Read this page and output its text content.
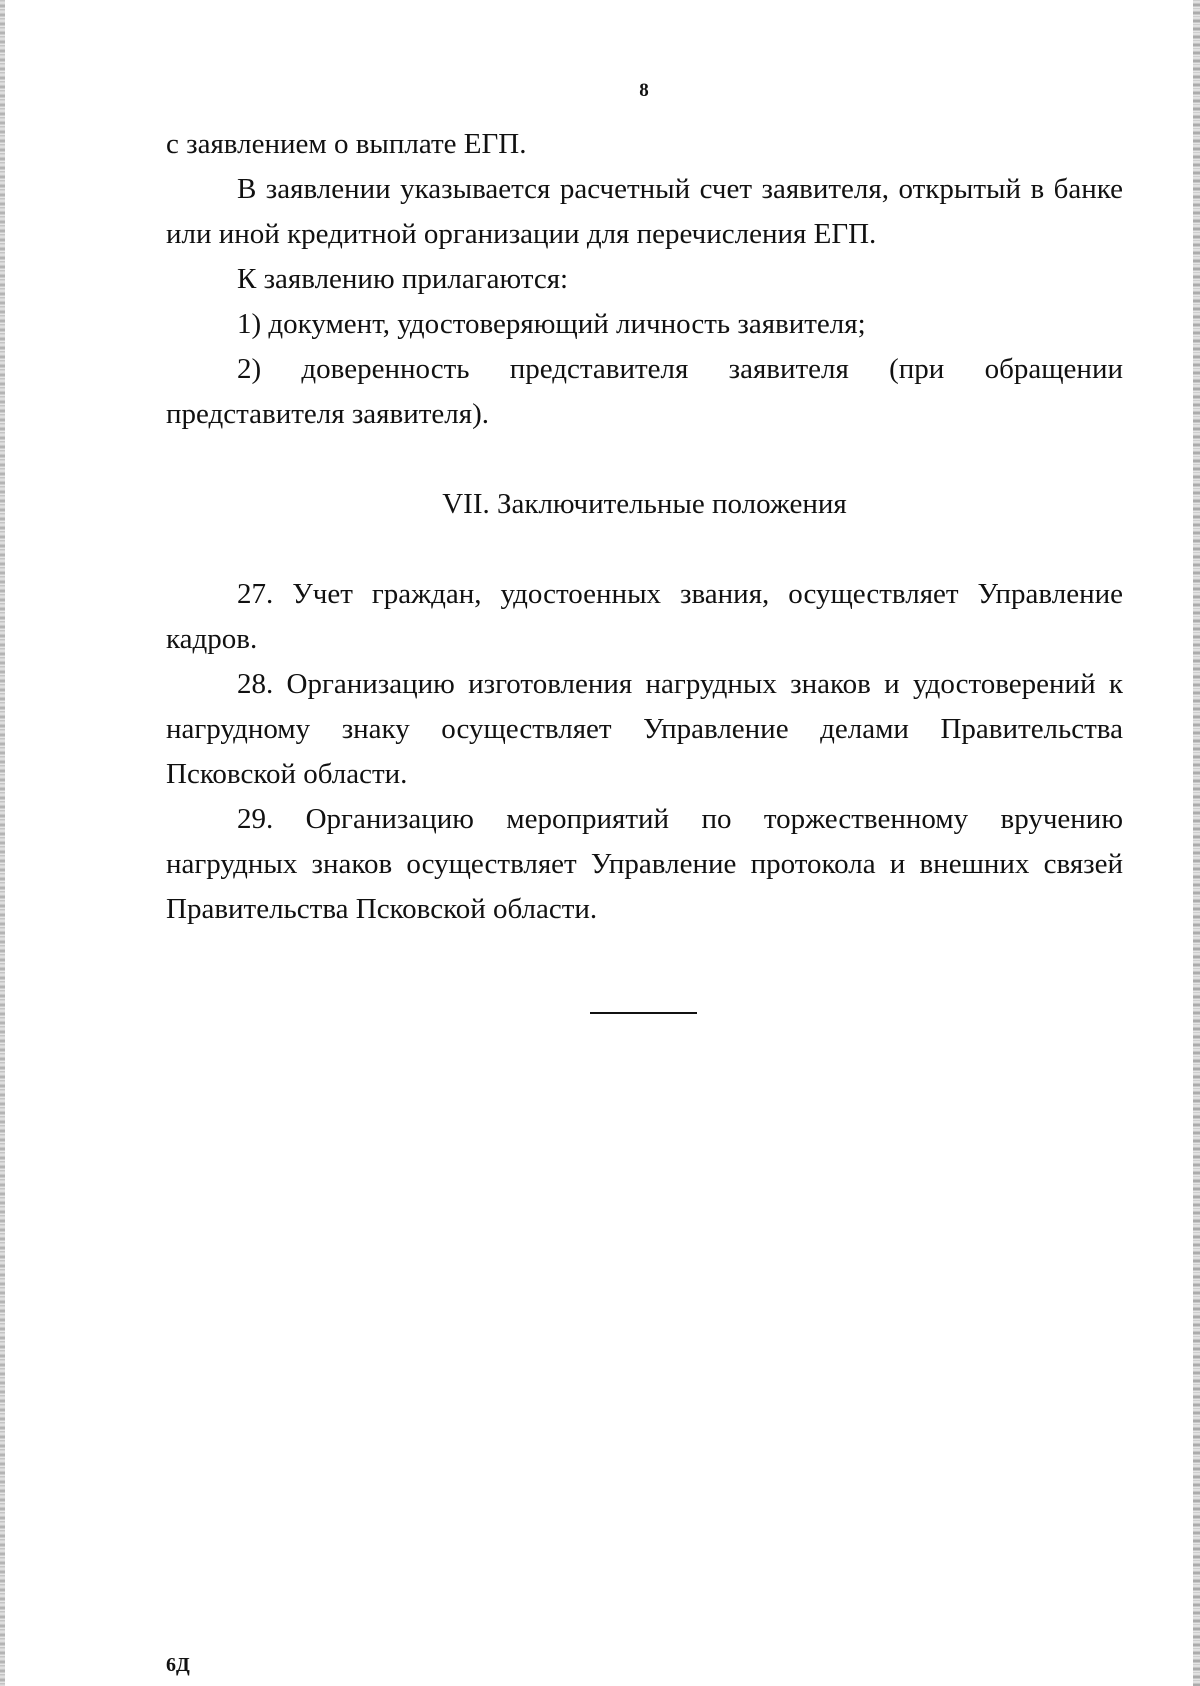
8

с заявлением о выплате ЕГП.

В заявлении указывается расчетный счет заявителя, открытый в банке или иной кредитной организации для перечисления ЕГП.

К заявлению прилагаются:

1) документ, удостоверяющий личность заявителя;

2) доверенность представителя заявителя (при обращении представителя заявителя).

VII. Заключительные положения

27. Учет граждан, удостоенных звания, осуществляет Управление кадров.

28. Организацию изготовления нагрудных знаков и удостоверений к нагрудному знаку осуществляет Управление делами Правительства Псковской области.

29. Организацию мероприятий по торжественному вручению нагрудных знаков осуществляет Управление протокола и внешних связей Правительства Псковской области.

6Д
